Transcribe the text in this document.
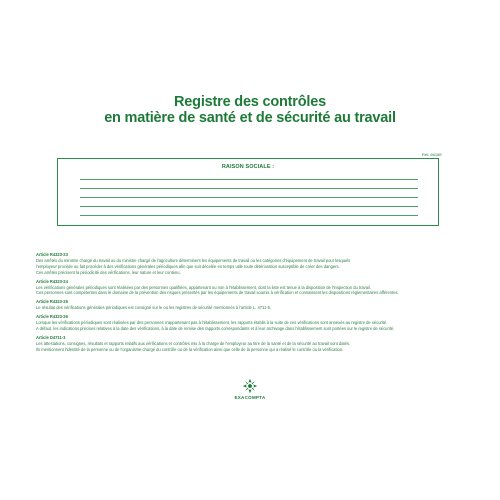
Registre des contrôles
en matière de santé et de sécurité au travail
Réf. 6616E
RAISON SOCIALE :
Article R4323-23
Des arrêtés du ministre chargé du travail ou du ministre chargé de l'agriculture déterminent les équipements de travail ou les catégories d'équipement de travail pour lesquels
l'employeur procède ou fait procéder à des vérifications générales périodiques afin que soit décelée en temps utile toute détérioration susceptible de créer des dangers.
Ces arrêtés précisent la périodicité des vérifications, leur nature et leur contenu.
Article R4323-24
Les vérifications générales périodiques sont réalisées par des personnes qualifiées, appartenant ou non à l'établissement, dont la liste est tenue à la disposition de l'inspection du travail.
Ces personnes sont compétentes dans le domaine de la prévention des risques présentés par les équipements de travail soumis à vérification et connaissent les dispositions réglementaires afférentes.
Article R4323-25
Le résultat des vérifications générales périodiques est consigné sur le ou les registres de sécurité mentionnés à l'article L. 4711-5.
Article R4323-26
Lorsque les vérifications périodiques sont réalisées par des personnes n'appartenant pas à l'établissement, les rapports établis à la suite de ces vérifications sont annexés au registre de sécurité.
A défaut, les indications précises relatives à la date des vérifications, à la date de remise des rapports correspondants et à leur archivage dans l'établissement sont portées sur le registre de sécurité.
Article D4711-3
Les attestations, consignes, résultats et rapports relatifs aux vérifications et contrôles mis à la charge de l'employeur au titre de la santé et de la sécurité au travail sont datés.
Ils mentionnent l'identité de la personne ou de l'organisme chargé du contrôle ou de la vérification ainsi que celle de la personne qui a réalisé le contrôle ou la vérification.
EXACOMPTA
